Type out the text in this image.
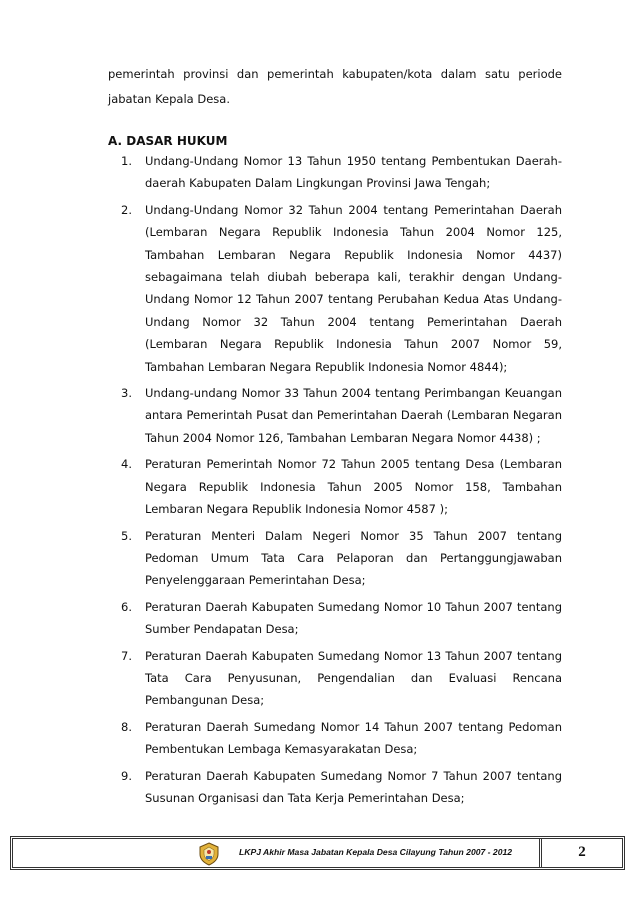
pemerintah provinsi dan pemerintah kabupaten/kota dalam satu periode jabatan Kepala Desa.

A. DASAR HUKUM
1. Undang-Undang Nomor 13 Tahun 1950 tentang Pembentukan Daerah- daerah Kabupaten Dalam Lingkungan Provinsi Jawa Tengah;
2. Undang-Undang Nomor 32 Tahun 2004 tentang Pemerintahan Daerah (Lembaran Negara Republik Indonesia Tahun 2004 Nomor 125, Tambahan Lembaran Negara Republik Indonesia Nomor 4437) sebagaimana telah diubah beberapa kali, terakhir dengan Undang-Undang Nomor 12 Tahun 2007 tentang Perubahan Kedua Atas Undang-Undang Nomor 32 Tahun 2004 tentang Pemerintahan Daerah (Lembaran Negara Republik Indonesia Tahun 2007 Nomor 59, Tambahan Lembaran Negara Republik Indonesia Nomor 4844);
3. Undang-undang Nomor 33 Tahun 2004 tentang Perimbangan Keuangan antara Pemerintah Pusat dan Pemerintahan Daerah (Lembaran Negaran Tahun 2004 Nomor 126, Tambahan Lembaran Negara Nomor 4438) ;
4. Peraturan Pemerintah Nomor 72 Tahun 2005 tentang Desa (Lembaran Negara Republik Indonesia Tahun 2005 Nomor 158, Tambahan Lembaran Negara Republik Indonesia Nomor 4587 );
5. Peraturan Menteri Dalam Negeri Nomor 35 Tahun 2007 tentang Pedoman Umum Tata Cara Pelaporan dan Pertanggungjawaban Penyelenggaraan Pemerintahan Desa;
6. Peraturan Daerah Kabupaten Sumedang Nomor 10 Tahun 2007 tentang Sumber Pendapatan Desa;
7. Peraturan Daerah Kabupaten Sumedang Nomor 13 Tahun 2007 tentang Tata Cara Penyusunan, Pengendalian dan Evaluasi Rencana Pembangunan Desa;
8. Peraturan Daerah Sumedang Nomor 14 Tahun 2007 tentang Pedoman Pembentukan Lembaga Kemasyarakatan Desa;
9. Peraturan Daerah Kabupaten Sumedang Nomor 7 Tahun 2007 tentang Susunan Organisasi dan Tata Kerja Pemerintahan Desa;
LKPJ Akhir Masa Jabatan Kepala Desa Cilayung Tahun 2007 - 2012	2
